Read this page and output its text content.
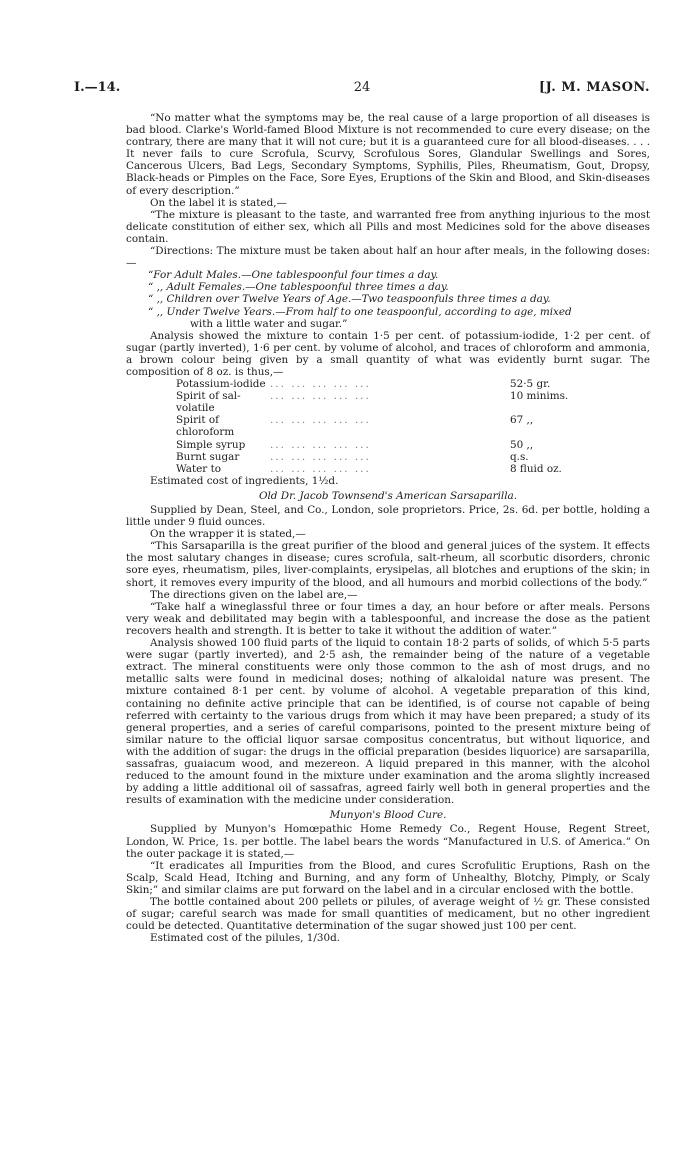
I.—14.	24	[J. M. MASON.

“No matter what the symptoms may be, the real cause of a large proportion of all diseases is bad blood. Clarke's World-famed Blood Mixture is not recommended to cure every disease; on the contrary, there are many that it will not cure; but it is a guaranteed cure for all blood-diseases. . . . It never fails to cure Scrofula, Scurvy, Scrofulous Sores, Glandular Swellings and Sores, Cancerous Ulcers, Bad Legs, Secondary Symptoms, Syphilis, Piles, Rheumatism, Gout, Dropsy, Black-heads or Pimples on the Face, Sore Eyes, Eruptions of the Skin and Blood, and Skin-diseases of every description.”

On the label it is stated,—

“The mixture is pleasant to the taste, and warranted free from anything injurious to the most delicate constitution of either sex, which all Pills and most Medicines sold for the above diseases contain.

“Directions: The mixture must be taken about half an hour after meals, in the following doses:—

“For Adult Males.—One tablespoonful four times a day.

“ ,, Adult Females.—One tablespoonful three times a day.

“ ,, Children over Twelve Years of Age.—Two teaspoonfuls three times a day.

“ ,, Under Twelve Years.—From half to one teaspoonful, according to age, mixed

with a little water and sugar.”

Analysis showed the mixture to contain 1·5 per cent. of potassium-iodide, 1·2 per cent. of sugar (partly inverted), 1·6 per cent. by volume of alcohol, and traces of chloroform and ammonia, a brown colour being given by a small quantity of what was evidently burnt sugar. The composition of 8 oz. is thus,—

Potassium-iodide	... ... ... ... ...	52·5 gr.
Spirit of sal-volatile	... ... ... ... ...	10 minims.
Spirit of chloroform	... ... ... ... ...	67 ,,
Simple syrup	... ... ... ... ...	50 ,,
Burnt sugar	... ... ... ... ...	q.s.
Water to	... ... ... ... ...	8 fluid oz.

Estimated cost of ingredients, 1½d.

Old Dr. Jacob Townsend's American Sarsaparilla.

Supplied by Dean, Steel, and Co., London, sole proprietors. Price, 2s. 6d. per bottle, holding a little under 9 fluid ounces.

On the wrapper it is stated,—

“This Sarsaparilla is the great purifier of the blood and general juices of the system. It effects the most salutary changes in disease; cures scrofula, salt-rheum, all scorbutic disorders, chronic sore eyes, rheumatism, piles, liver-complaints, erysipelas, all blotches and eruptions of the skin; in short, it removes every impurity of the blood, and all humours and morbid collections of the body.”

The directions given on the label are,—

“Take half a wineglassful three or four times a day, an hour before or after meals. Persons very weak and debilitated may begin with a tablespoonful, and increase the dose as the patient recovers health and strength. It is better to take it without the addition of water.”

Analysis showed 100 fluid parts of the liquid to contain 18·2 parts of solids, of which 5·5 parts were sugar (partly inverted), and 2·5 ash, the remainder being of the nature of a vegetable extract. The mineral constituents were only those common to the ash of most drugs, and no metallic salts were found in medicinal doses; nothing of alkaloidal nature was present. The mixture contained 8·1 per cent. by volume of alcohol. A vegetable preparation of this kind, containing no definite active principle that can be identified, is of course not capable of being referred with certainty to the various drugs from which it may have been prepared; a study of its general properties, and a series of careful comparisons, pointed to the present mixture being of similar nature to the official liquor sarsae compositus concentratus, but without liquorice, and with the addition of sugar: the drugs in the official preparation (besides liquorice) are sarsaparilla, sassafras, guaiacum wood, and mezereon. A liquid prepared in this manner, with the alcohol reduced to the amount found in the mixture under examination and the aroma slightly increased by adding a little additional oil of sassafras, agreed fairly well both in general properties and the results of examination with the medicine under consideration.

Munyon's Blood Cure.

Supplied by Munyon's Homœpathic Home Remedy Co., Regent House, Regent Street, London, W. Price, 1s. per bottle. The label bears the words “Manufactured in U.S. of America.” On the outer package it is stated,—

“It eradicates all Impurities from the Blood, and cures Scrofulitic Eruptions, Rash on the Scalp, Scald Head, Itching and Burning, and any form of Unhealthy, Blotchy, Pimply, or Scaly Skin;” and similar claims are put forward on the label and in a circular enclosed with the bottle.

The bottle contained about 200 pellets or pilules, of average weight of ½ gr. These consisted of sugar; careful search was made for small quantities of medicament, but no other ingredient could be detected. Quantitative determination of the sugar showed just 100 per cent.

Estimated cost of the pilules, 1/30d.
